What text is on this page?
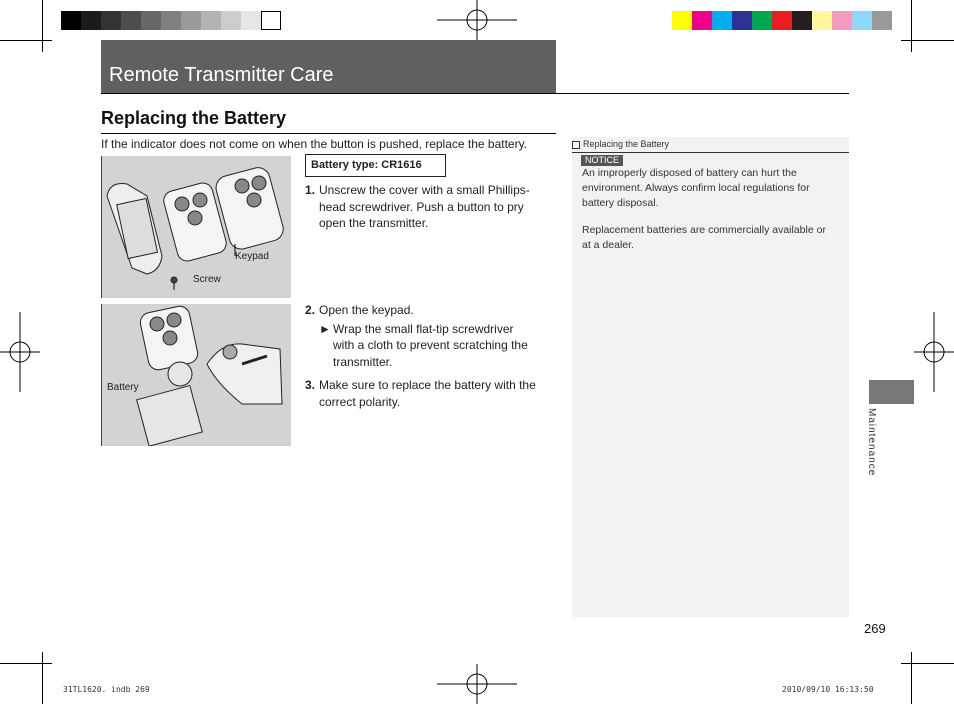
Remote Transmitter Care
Replacing the Battery
If the indicator does not come on when the button is pushed, replace the battery.
Keypad
Screw
Battery
Battery type: CR1616
1. Unscrew the cover with a small Phillips-
head screwdriver. Push a button to pry
open the transmitter.
2. Open the keypad.
► Wrap the small flat-tip screwdriver
with a cloth to prevent scratching the
transmitter.
3. Make sure to replace the battery with the
correct polarity.
Replacing the Battery
NOTICE
An improperly disposed of battery can hurt the
environment. Always confirm local regulations for
battery disposal.
Replacement batteries are commercially available or
at a dealer.
Maintenance
269
31TL1620. indb 269	2010/09/10 16:13:50
